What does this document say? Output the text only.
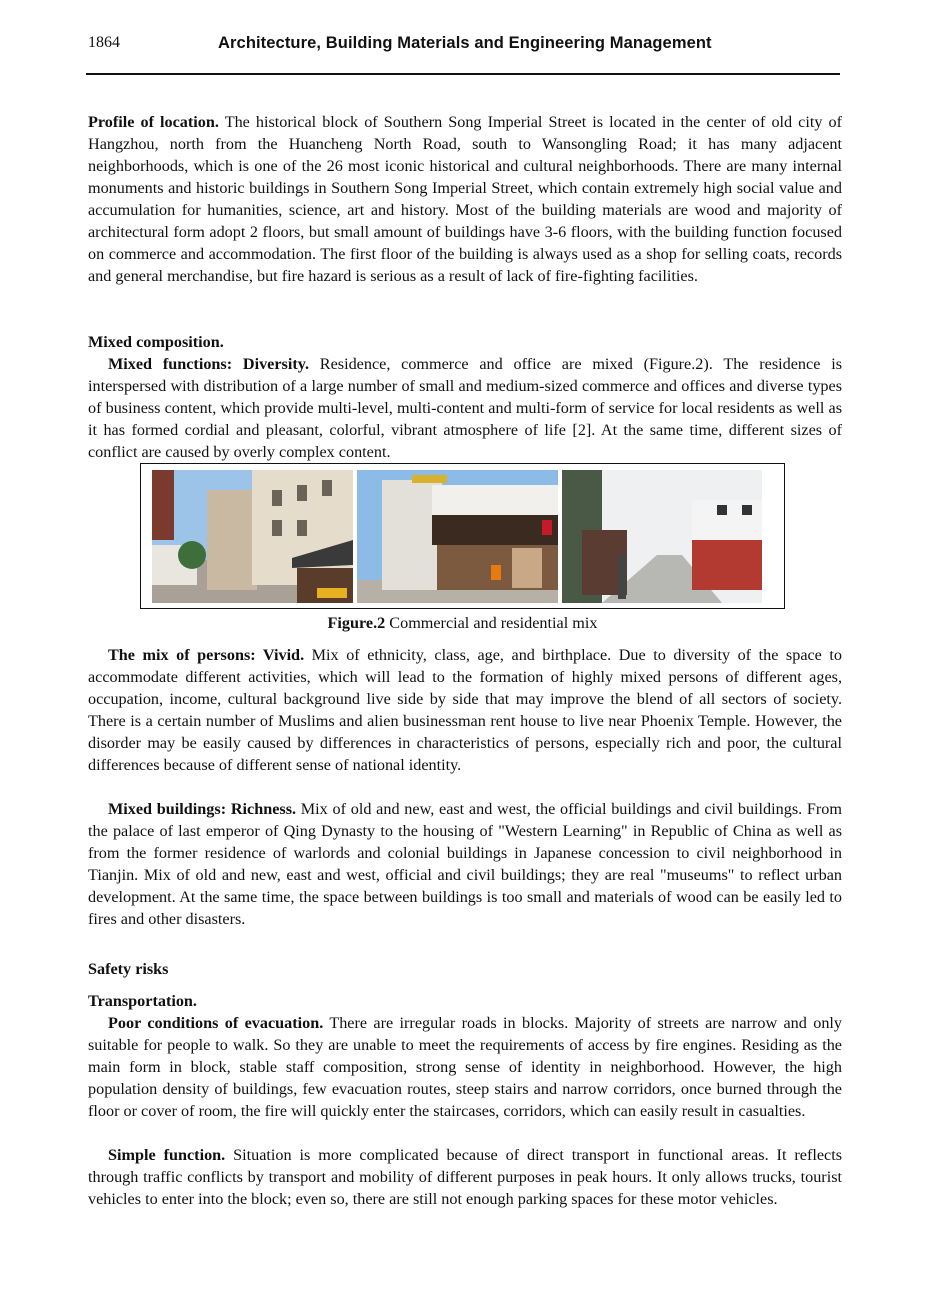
1864	Architecture, Building Materials and Engineering Management
Profile of location. The historical block of Southern Song Imperial Street is located in the center of old city of Hangzhou, north from the Huancheng North Road, south to Wansongling Road; it has many adjacent neighborhoods, which is one of the 26 most iconic historical and cultural neighborhoods. There are many internal monuments and historic buildings in Southern Song Imperial Street, which contain extremely high social value and accumulation for humanities, science, art and history. Most of the building materials are wood and majority of architectural form adopt 2 floors, but small amount of buildings have 3-6 floors, with the building function focused on commerce and accommodation. The first floor of the building is always used as a shop for selling coats, records and general merchandise, but fire hazard is serious as a result of lack of fire-fighting facilities.
Mixed composition.
Mixed functions: Diversity. Residence, commerce and office are mixed (Figure.2). The residence is interspersed with distribution of a large number of small and medium-sized commerce and offices and diverse types of business content, which provide multi-level, multi-content and multi-form of service for local residents as well as it has formed cordial and pleasant, colorful, vibrant atmosphere of life [2]. At the same time, different sizes of conflict are caused by overly complex content.
Figure.2 Commercial and residential mix
The mix of persons: Vivid. Mix of ethnicity, class, age, and birthplace. Due to diversity of the space to accommodate different activities, which will lead to the formation of highly mixed persons of different ages, occupation, income, cultural background live side by side that may improve the blend of all sectors of society. There is a certain number of Muslims and alien businessman rent house to live near Phoenix Temple. However, the disorder may be easily caused by differences in characteristics of persons, especially rich and poor, the cultural differences because of different sense of national identity.
Mixed buildings: Richness. Mix of old and new, east and west, the official buildings and civil buildings. From the palace of last emperor of Qing Dynasty to the housing of "Western Learning" in Republic of China as well as from the former residence of warlords and colonial buildings in Japanese concession to civil neighborhood in Tianjin. Mix of old and new, east and west, official and civil buildings; they are real "museums" to reflect urban development. At the same time, the space between buildings is too small and materials of wood can be easily led to fires and other disasters.
Safety risks
Transportation.
Poor conditions of evacuation. There are irregular roads in blocks. Majority of streets are narrow and only suitable for people to walk. So they are unable to meet the requirements of access by fire engines. Residing as the main form in block, stable staff composition, strong sense of identity in neighborhood. However, the high population density of buildings, few evacuation routes, steep stairs and narrow corridors, once burned through the floor or cover of room, the fire will quickly enter the staircases, corridors, which can easily result in casualties.
Simple function. Situation is more complicated because of direct transport in functional areas. It reflects through traffic conflicts by transport and mobility of different purposes in peak hours. It only allows trucks, tourist vehicles to enter into the block; even so, there are still not enough parking spaces for these motor vehicles.
